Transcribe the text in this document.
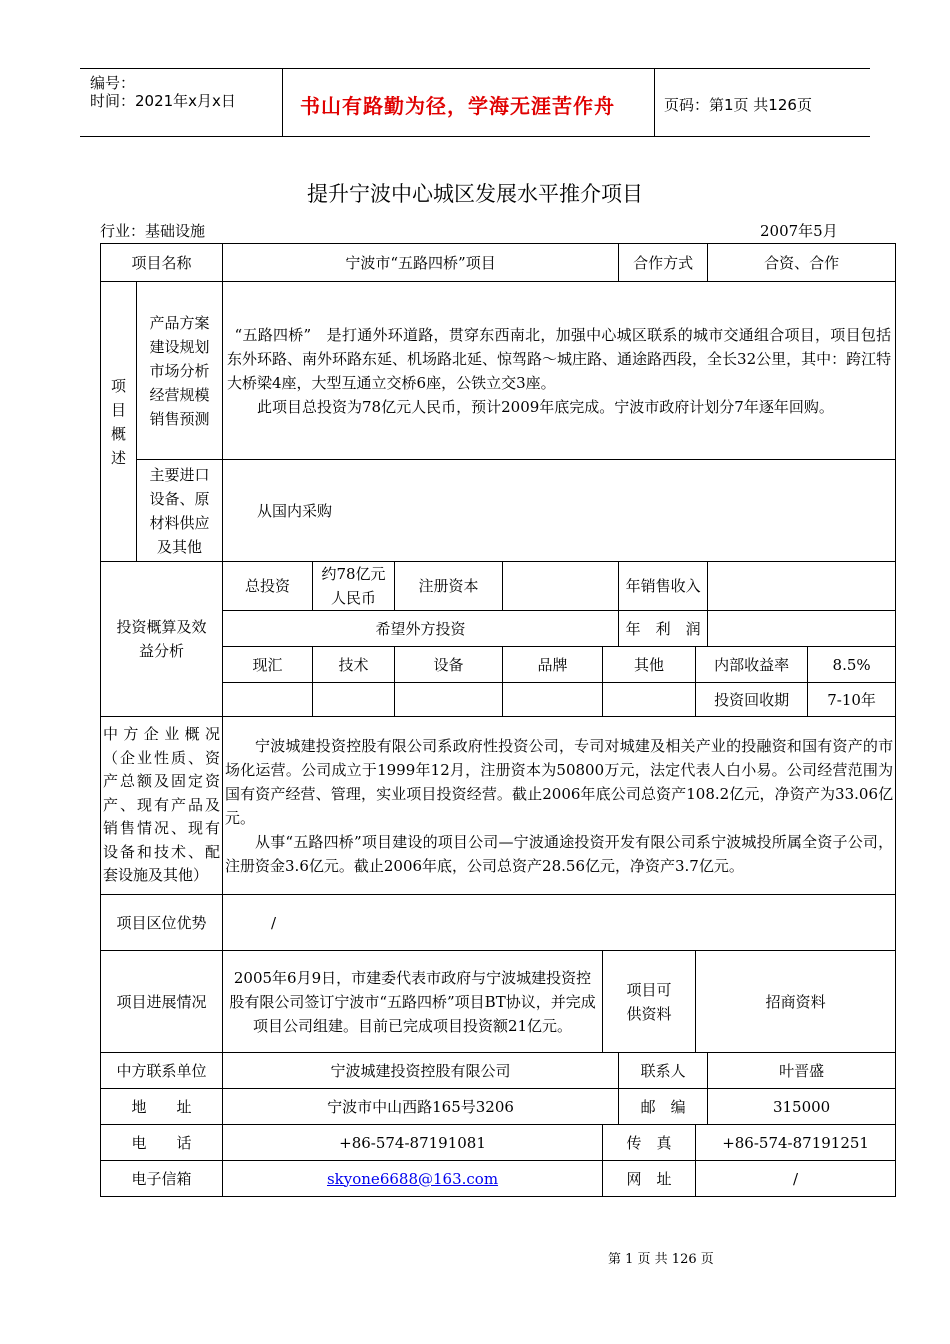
编号：
时间：2021年x月x日	书山有路勤为径，学海无涯苦作舟	页码：第1页 共126页
提升宁波中心城区发展水平推介项目
行业：基础设施	2007年5月
项目名称		宁波市“五路四桥”项目					合作方式		合资、合作	

项目概述	产品方案建设规划市场分析经营规模销售预测	“五路四桥”　是打通外环道路，贯穿东西南北，加强中心城区联系的城市交通组合项目，项目包括东外环路、南外环路东延、机场路北延、惊驾路～城庄路、通途路西段，全长32公里，其中：跨江特大桥梁4座，大型互通立交桥6座，公铁立交3座。

此项目总投资为78亿元人民币，预计2009年底完成。宁波市政府计划分7年逐年回购。								

	主要进口设备、原材料供应及其他	从国内采购								
投资概算及效益分析		总投资	约78亿元人民币	注册资本			年销售收入			
		希望外方投资					年　利　润			
		现汇	技术	设备	品牌	其他		内部收益率		8.5%
								投资回收期		7-10年
中方企业概况（企业性质、资产总额及固定资产、现有产品及销售情况、现有设备和技术、配套设施及其他）		宁波城建投资控股有限公司系政府性投资公司，专司对城建及相关产业的投融资和国有资产的市场化运营。公司成立于1999年12月，注册资本为50800万元，法定代表人白小易。公司经营范围为国有资产经营、管理，实业项目投资经营。截止2006年底公司总资产108.2亿元，净资产为33.06亿元。

从事“五路四桥”项目建设的项目公司—宁波通途投资开发有限公司系宁波城投所属全资子公司，注册资金3.6亿元。截止2006年底，公司总资产28.56亿元，净资产3.7亿元。								

项目区位优势		/								
项目进展情况		2005年6月9日，市建委代表市政府与宁波城建投资控股有限公司签订宁波市“五路四桥”项目BT协议，并完成项目公司组建。目前已完成项目投资额21亿元。				项目可供资料		招商资料		
中方联系单位		宁波城建投资控股有限公司					联系人		叶晋盛	
地　　址		宁波市中山西路165号3206					邮　编		315000	
电　　话		+86-574-87191081				传　真		+86-574-87191251		
电子信箱		skyone6688@163.com				网　址		/		
第 1 页 共 126 页
